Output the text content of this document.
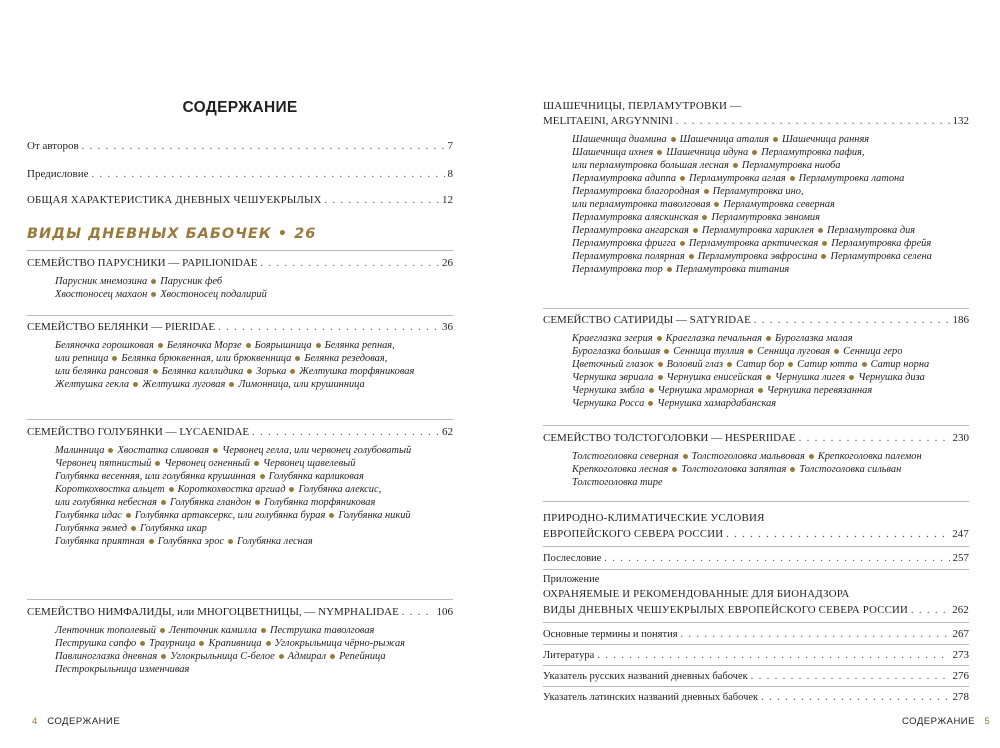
СОДЕРЖАНИЕ
От авторов . . .	7
Предисловие . . .	8
ОБЩАЯ ХАРАКТЕРИСТИКА ДНЕВНЫХ ЧЕШУЕКРЫЛЫХ . . .	12
ВИДЫ ДНЕВНЫХ БАБОЧЕК • 26
СЕМЕЙСТВО ПАРУСНИКИ — PAPILIONIDAE . . .	26
Парусник мнемозина Парусник феб
Хвостоносец махаон Хвостоносец подалирий
СЕМЕЙСТВО БЕЛЯНКИ — PIERIDAE . . .	36
Беляночка горошковая Беляночка Морзе Боярышница Белянка репная,
или репница Белянка брюквенная, или брюквенница Белянка резедовая,
или белянка рансовая Белянка каллидика Зорька Желтушка торфяниковая
Желтушка гекла Желтушка луговая Лимонница, или крушинница
СЕМЕЙСТВО ГОЛУБЯНКИ — LYCAENIDAE . . .	62
Малинница Хвостатка сливовая Червонец гелла, или червонец голубоватый
Червонец пятнистый Червонец огненный Червонец щавелевый
Голубянка весенняя, или голубянка крушинная Голубянка карликовая
Короткохвостка альцет Короткохвостка аргиад Голубянка алексис,
или голубянка небесная Голубянка гландон Голубянка торфяниковая
Голубянка идас Голубянка артаксеркс, или голубянка бурая Голубянка никий
Голубянка эвмед Голубянка икар
Голубянка приятная Голубянка эрос Голубянка лесная
СЕМЕЙСТВО НИМФАЛИДЫ, или МНОГОЦВЕТНИЦЫ, — NYMPHALIDAE . . .	106
Ленточник тополевый Ленточник камилла Пеструшка таволговая
Пеструшка сапфо Траурница Крапивница Углокрыльница чёрно-рыжая
Павлиноглазка дневная Углокрыльница С-белое Адмирал Репейница
Пестрокрыльница изменчивая
4 СОДЕРЖАНИЕ
ШАШЕЧНИЦЫ, ПЕРЛАМУТРОВКИ —
MELITAEINI, ARGYNNINI . . .	132
Шашечница диамина Шашечница аталия Шашечница ранняя
Шашечница ихнея Шашечница идуна Перламутровка пафия,
или перламутровка большая лесная Перламутровка ниоба
Перламутровка адиппа Перламутровка аглая Перламутровка латона
Перламутровка благородная Перламутровка ино,
или перламутровка таволговая Перламутровка северная
Перламутровка аляскинская Перламутровка эвномия
Перламутровка ангарская Перламутровка хариклея Перламутровка дия
Перламутровка фригга Перламутровка арктическая Перламутровка фрейя
Перламутровка полярная Перламутровка эвфросина Перламутровка селена
Перламутровка тор Перламутровка титания
СЕМЕЙСТВО САТИРИДЫ — SATYRIDAE . . .	186
Краеглазка эгерия Краеглазка печальная Буроглазка малая
Буроглазка большая Сенница туллия Сенница луговая Сенница геро
Цветочный глазок Воловий глаз Сатир бор Сатир ютта Сатир норна
Чернушка эвриала Чернушка енисейская Чернушка лигея Чернушка диза
Чернушка эмбла Чернушка мраморная Чернушка перевязанная
Чернушка Росса Чернушка хамардабанская
СЕМЕЙСТВО ТОЛСТОГОЛОВКИ — HESPERIIDAE . . .	230
Толстоголовка северная Толстоголовка мальвовая Крепкоголовка палемон
Крепкоголовка лесная Толстоголовка запятая Толстоголовка сильван
Толстоголовка тире
ПРИРОДНО-КЛИМАТИЧЕСКИЕ УСЛОВИЯ
ЕВРОПЕЙСКОГО СЕВЕРА РОССИИ . . .	247
Послесловие . . .	257
Приложение
ОХРАНЯЕМЫЕ И РЕКОМЕНДОВАННЫЕ ДЛЯ БИОНАДЗОРА
ВИДЫ ДНЕВНЫХ ЧЕШУЕКРЫЛЫХ ЕВРОПЕЙСКОГО СЕВЕРА РОССИИ . . .	262
Основные термины и понятия . . .	267
Литература . . .	273
Указатель русских названий дневных бабочек . . .	276
Указатель латинских названий дневных бабочек . . .	278
СОДЕРЖАНИЕ 5
